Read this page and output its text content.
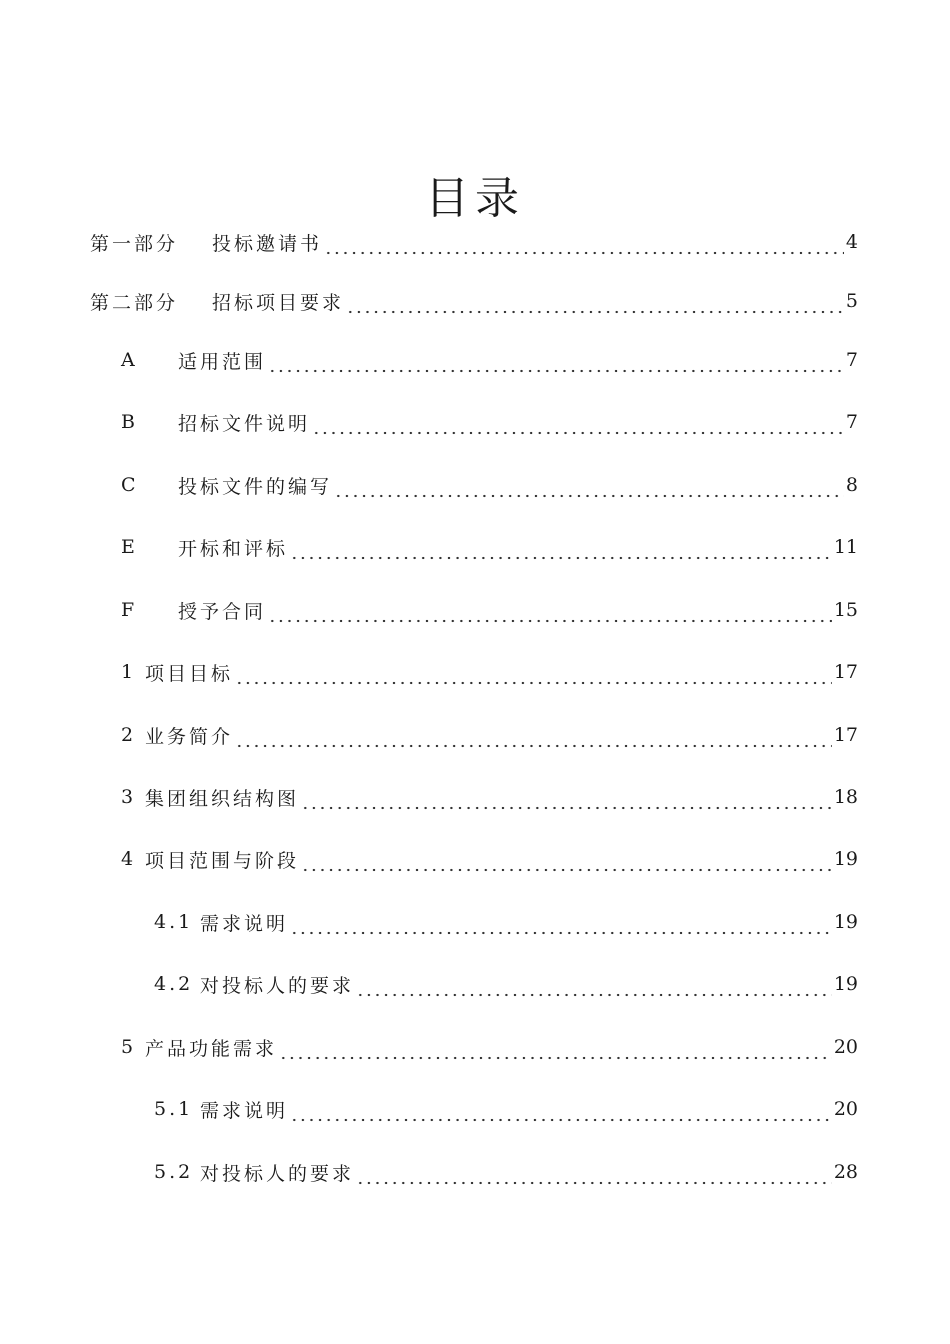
目录
第一部分	投标邀请书	4
第二部分	招标项目要求	5
A	适用范围	7
B	招标文件说明	7
C	投标文件的编写	8
E	开标和评标	11
F	授予合同	15
1 项目目标	17
2 业务简介	17
3 集团组织结构图	18
4 项目范围与阶段	19
4.1 需求说明	19
4.2 对投标人的要求	19
5 产品功能需求	20
5.1 需求说明	20
5.2 对投标人的要求	28
